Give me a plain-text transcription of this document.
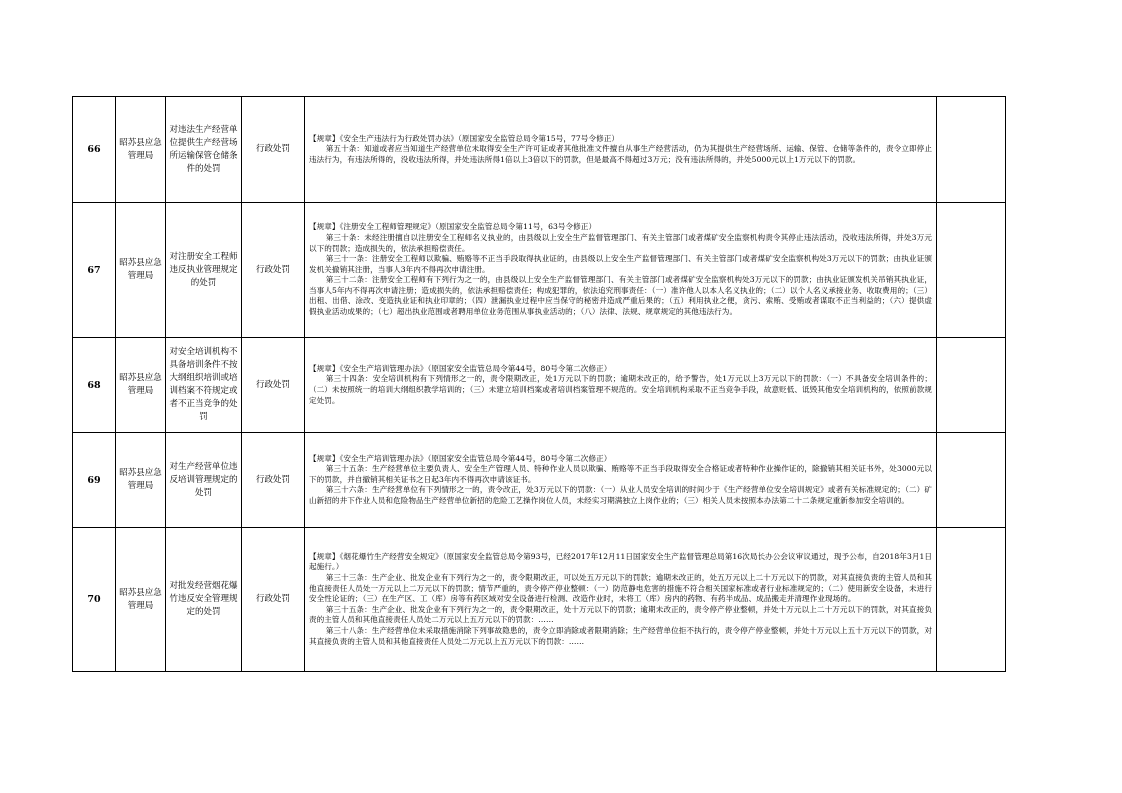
66	昭苏县应急管理局	对违法生产经营单位提供生产经营场所运输保管仓储条件的处罚	行政处罚	【规章】《安全生产违法行为行政处罚办法》（原国家安全监管总局令第15号，77号令修正）

第五十条：知道或者应当知道生产经营单位未取得安全生产许可证或者其他批准文件擅自从事生产经营活动，仍为其提供生产经营场所、运输、保管、仓储等条件的，责令立即停止违法行为，有违法所得的，没收违法所得，并处违法所得1倍以上3倍以下的罚款，但是最高不得超过3万元；没有违法所得的，并处5000元以上1万元以下的罚款。	

67	昭苏县应急管理局	对注册安全工程师违反执业管理规定的处罚	行政处罚	【规章】《注册安全工程师管理规定》（原国家安全监管总局令第11号，63号令修正）

第三十条：未经注册擅自以注册安全工程师名义执业的，由县级以上安全生产监督管理部门、有关主管部门或者煤矿安全监察机构责令其停止违法活动，没收违法所得，并处3万元以下的罚款；造成损失的，依法承担赔偿责任。

第三十一条：注册安全工程师以欺骗、贿赂等不正当手段取得执业证的，由县级以上安全生产监督管理部门、有关主管部门或者煤矿安全监察机构处3万元以下的罚款；由执业证颁发机关撤销其注册，当事人3年内不得再次申请注册。

第三十二条：注册安全工程师有下列行为之一的，由县级以上安全生产监督管理部门、有关主管部门或者煤矿安全监察机构处3万元以下的罚款；由执业证颁发机关吊销其执业证，当事人5年内不得再次申请注册；造成损失的，依法承担赔偿责任；构成犯罪的，依法追究刑事责任：（一）准许他人以本人名义执业的；（二）以个人名义承接业务、收取费用的；（三）出租、出借、涂改、变造执业证和执业印章的；（四）泄漏执业过程中应当保守的秘密并造成严重后果的；（五）利用执业之便，贪污、索贿、受贿或者谋取不正当利益的；（六）提供虚假执业活动成果的；（七）超出执业范围或者聘用单位业务范围从事执业活动的；（八）法律、法规、规章规定的其他违法行为。	

68	昭苏县应急管理局	对安全培训机构不具备培训条件不按大纲组织培训或培训档案不符规定或者不正当竞争的处罚	行政处罚	【规章】《安全生产培训管理办法》（原国家安全监管总局令第44号，80号令第二次修正）

第三十四条：安全培训机构有下列情形之一的，责令限期改正，处1万元以下的罚款；逾期未改正的，给予警告，处1万元以上3万元以下的罚款：（一）不具备安全培训条件的；（二）未按照统一的培训大纲组织教学培训的；（三）未建立培训档案或者培训档案管理不规范的。安全培训机构采取不正当竞争手段，故意贬低、诋毁其他安全培训机构的，依照前款规定处罚。	

69	昭苏县应急管理局	对生产经营单位违反培训管理规定的处罚	行政处罚	【规章】《安全生产培训管理办法》（原国家安全监管总局令第44号，80号令第二次修正）

第三十五条：生产经营单位主要负责人、安全生产管理人员、特种作业人员以欺骗、贿赂等不正当手段取得安全合格证或者特种作业操作证的，除撤销其相关证书外，处3000元以下的罚款，并自撤销其相关证书之日起3年内不得再次申请该证书。

第三十六条：生产经营单位有下列情形之一的，责令改正，处3万元以下的罚款：（一）从业人员安全培训的时间少于《生产经营单位安全培训规定》或者有关标准规定的；（二）矿山新招的井下作业人员和危险物品生产经营单位新招的危险工艺操作岗位人员，未经实习期满独立上岗作业的；（三）相关人员未按照本办法第二十二条规定重新参加安全培训的。	

70	昭苏县应急管理局	对批发经营烟花爆竹违反安全管理规定的处罚	行政处罚	【规章】《烟花爆竹生产经营安全规定》（原国家安全监管总局令第93号，已经2017年12月11日国家安全生产监督管理总局第16次局长办公会议审议通过，现予公布，自2018年3月1日起施行。）

第三十三条：生产企业、批发企业有下列行为之一的，责令限期改正，可以处五万元以下的罚款；逾期未改正的，处五万元以上二十万元以下的罚款，对其直接负责的主管人员和其他直接责任人员处一万元以上二万元以下的罚款；情节严重的，责令停产停业整顿：（一）防范静电危害的措施不符合相关国家标准或者行业标准规定的；（二）使用新安全设备，未进行安全性论证的；（三）在生产区、工（库）房等有药区域对安全设备进行检测、改造作业时，未将工（库）房内的药物、有药半成品、成品搬走并清理作业现场的。

第三十五条：生产企业、批发企业有下列行为之一的，责令限期改正，处十万元以下的罚款；逾期未改正的，责令停产停业整顿，并处十万元以上二十万元以下的罚款，对其直接负责的主管人员和其他直接责任人员处二万元以上五万元以下的罚款：……

第三十八条：生产经营单位未采取措施消除下列事故隐患的，责令立即消除或者限期消除；生产经营单位拒不执行的，责令停产停业整顿，并处十万元以上五十万元以下的罚款，对其直接负责的主管人员和其他直接责任人员处二万元以上五万元以下的罚款：……	
